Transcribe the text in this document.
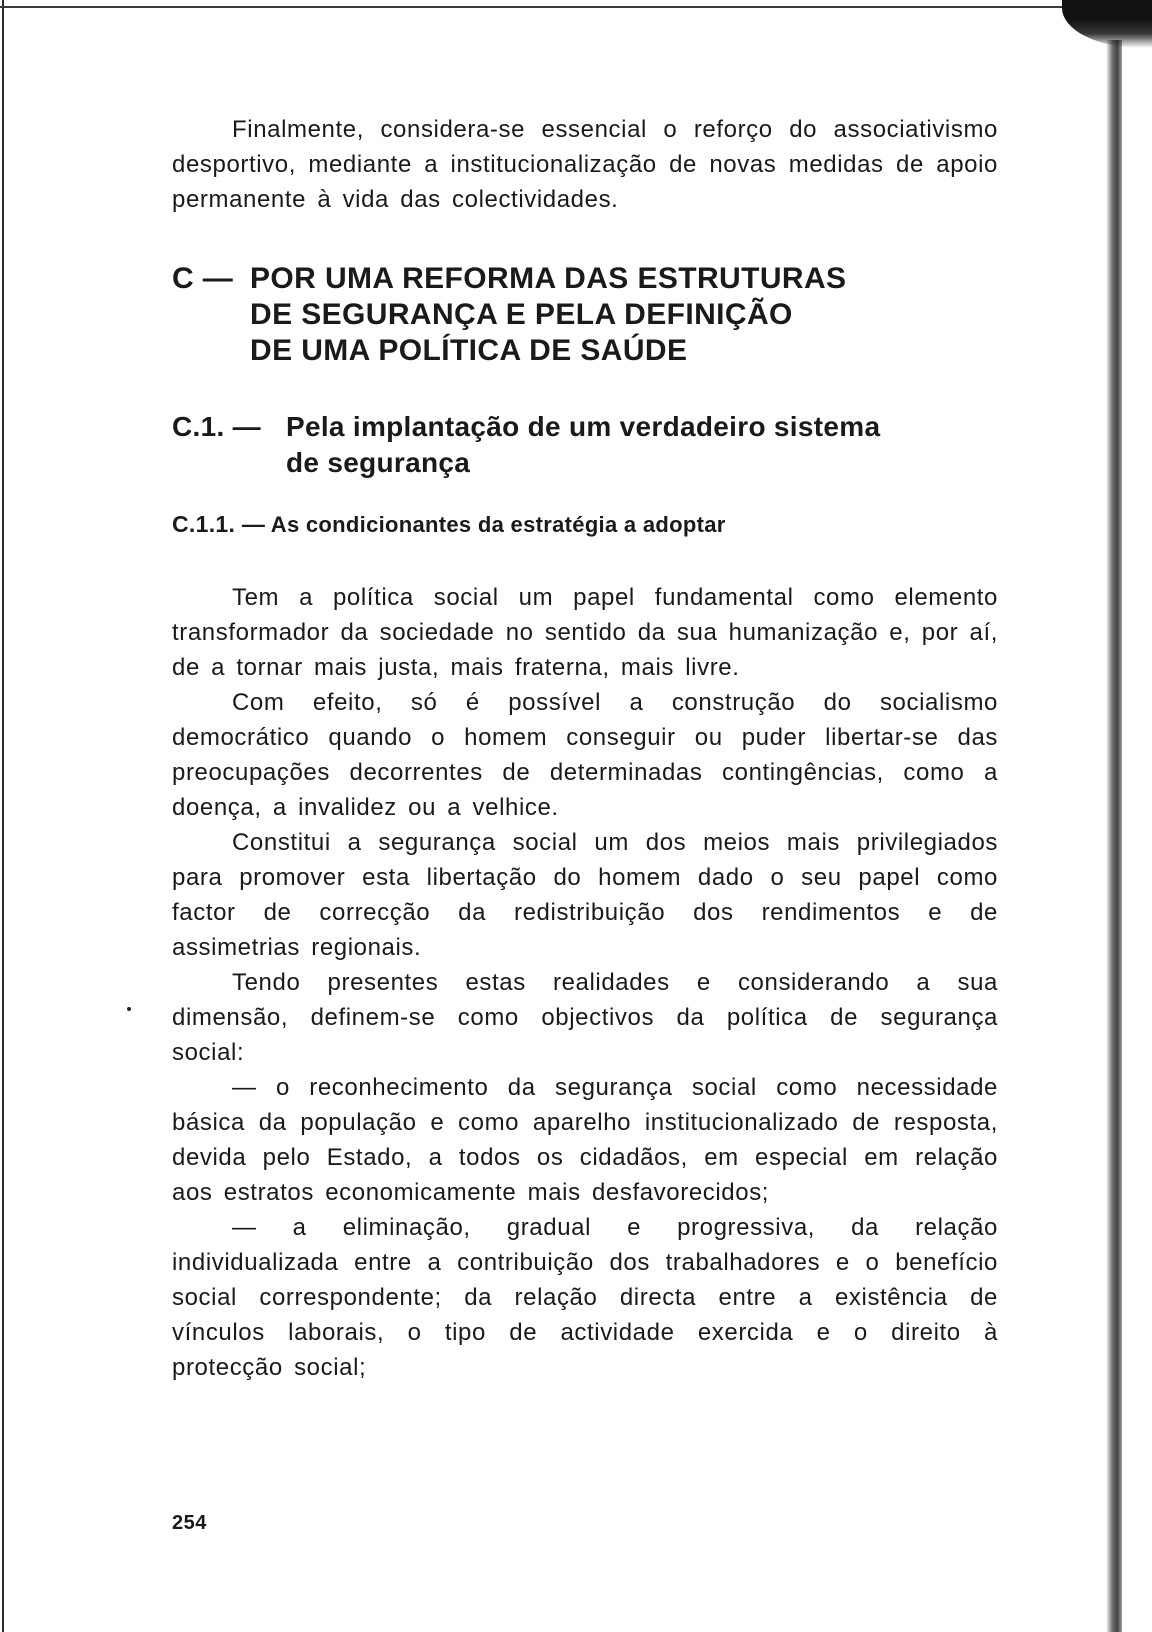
Finalmente, considera-se essencial o reforço do associativismo desportivo, mediante a institucionalização de novas medidas de apoio permanente à vida das colectividades.

C — POR UMA REFORMA DAS ESTRUTURAS
DE SEGURANÇA E PELA DEFINIÇÃO
DE UMA POLÍTICA DE SAÚDE
C.1. — Pela implantação de um verdadeiro sistema
de segurança
C.1.1. — As condicionantes da estratégia a adoptar

Tem a política social um papel fundamental como elemento transformador da sociedade no sentido da sua humanização e, por aí, de a tornar mais justa, mais fraterna, mais livre.

Com efeito, só é possível a construção do socialismo democrático quando o homem conseguir ou puder libertar-se das preocupações decorrentes de determinadas contingências, como a doença, a invalidez ou a velhice.

Constitui a segurança social um dos meios mais privilegiados para promover esta libertação do homem dado o seu papel como factor de correcção da redistribuição dos rendimentos e de assimetrias regionais.

Tendo presentes estas realidades e considerando a sua dimensão, definem-se como objectivos da política de segurança social:

— o reconhecimento da segurança social como necessidade básica da população e como aparelho institucionalizado de resposta, devida pelo Estado, a todos os cidadãos, em especial em relação aos estratos economicamente mais desfavorecidos;

— a eliminação, gradual e progressiva, da relação individualizada entre a contribuição dos trabalhadores e o benefício social correspondente; da relação directa entre a existência de vínculos laborais, o tipo de actividade exercida e o direito à protecção social;

254
